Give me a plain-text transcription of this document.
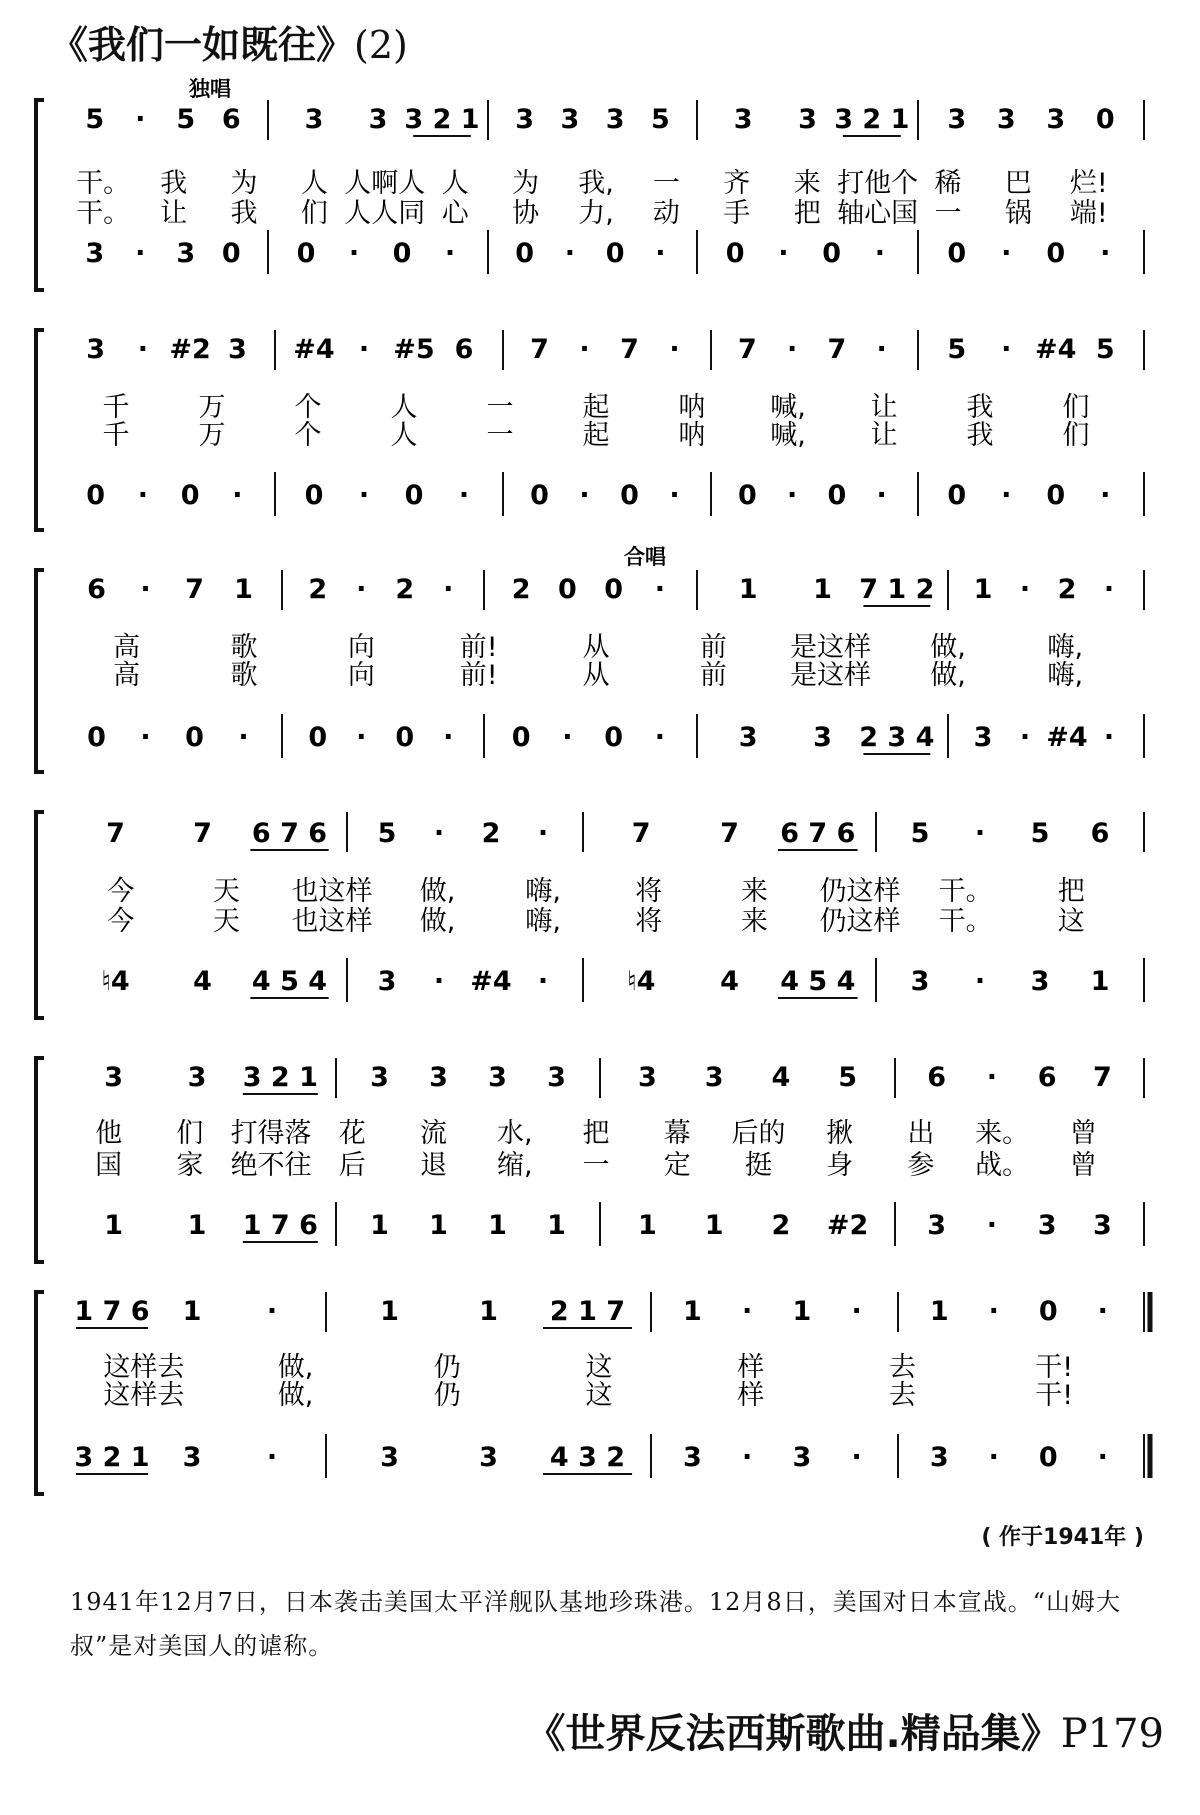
《我们一如既往》(2)
5 · 5 6 3 3 3 2 1 3 3 3 5 3 3 3 2 1 3 3 3 0
3 · 3 0 0 · 0 · 0 · 0 · 0 · 0 · 0 · 0 ·
干。 我 为 人 人啊人 人 为 我, 一 齐 来 打他个 稀 巴 烂!
干。 让 我 们 人人同 心 协 力, 动 手 把 轴心国 一 锅 端!
3 · #2 3 #4 · #5 6 7 · 7 · 7 · 7 · 5 · #4 5
0 · 0 · 0 · 0 · 0 · 0 · 0 · 0 · 0 · 0 ·
千	万	个	人	一	起	呐 喊, 让	我	们
千	万	个	人	一	起	呐 喊, 让	我	们
6 · 7 1 2 · 2 · 2 0 0 ·	1 1 7 1 2 1 · 2 ·
0 · 0 · 0 · 0 · 0 · 0 ·	3 3 2 3 4 3 · #4 ·
高	歌	向	前!	从	前 是这样 做,	嗨,
高	歌	向	前!	从	前 是这样 做,	嗨,
7	7 6 7 6 5 · 2 ·	7	7 6 7 6 5 · 5 6
♮4 4 4 5 4 3 · #4 ·	♮4 4 4 5 4 3 · 3 1
今	天 也这样 做,	嗨,	将	来 仍这样 干。 把
今	天 也这样 做,	嗨,	将	来 仍这样 干。 这
3 3 3 2 1 3 3 3 3	3 3 4 5	6 · 6 7
1 1 1 7 6 1 1 1 1	1 1 2 #2 3 · 3 3
他 们 打得落 花 流 水, 把 幕 后的 揪 出 来。 曾
国 家 绝不往 后 退 缩, 一 定 挺 身 参 战。 曾
1 7 6 1 ·	1	1 2 1 7 1 · 1 ·	1 · 0 ·
3 2 1 3 ·	3	3 4 3 2 3 · 3 ·	3 · 0 ·
这样去	做,	仍	这	样	去	干!
这样去	做,	仍	这	样	去	干!
独唱
合唱
( 作于1941年 )
1941年12月7日，日本袭击美国太平洋舰队基地珍珠港。12月8日，美国对日本宣战。“山姆大叔”是对美国人的谑称。
《世界反法西斯歌曲.精品集》P179
